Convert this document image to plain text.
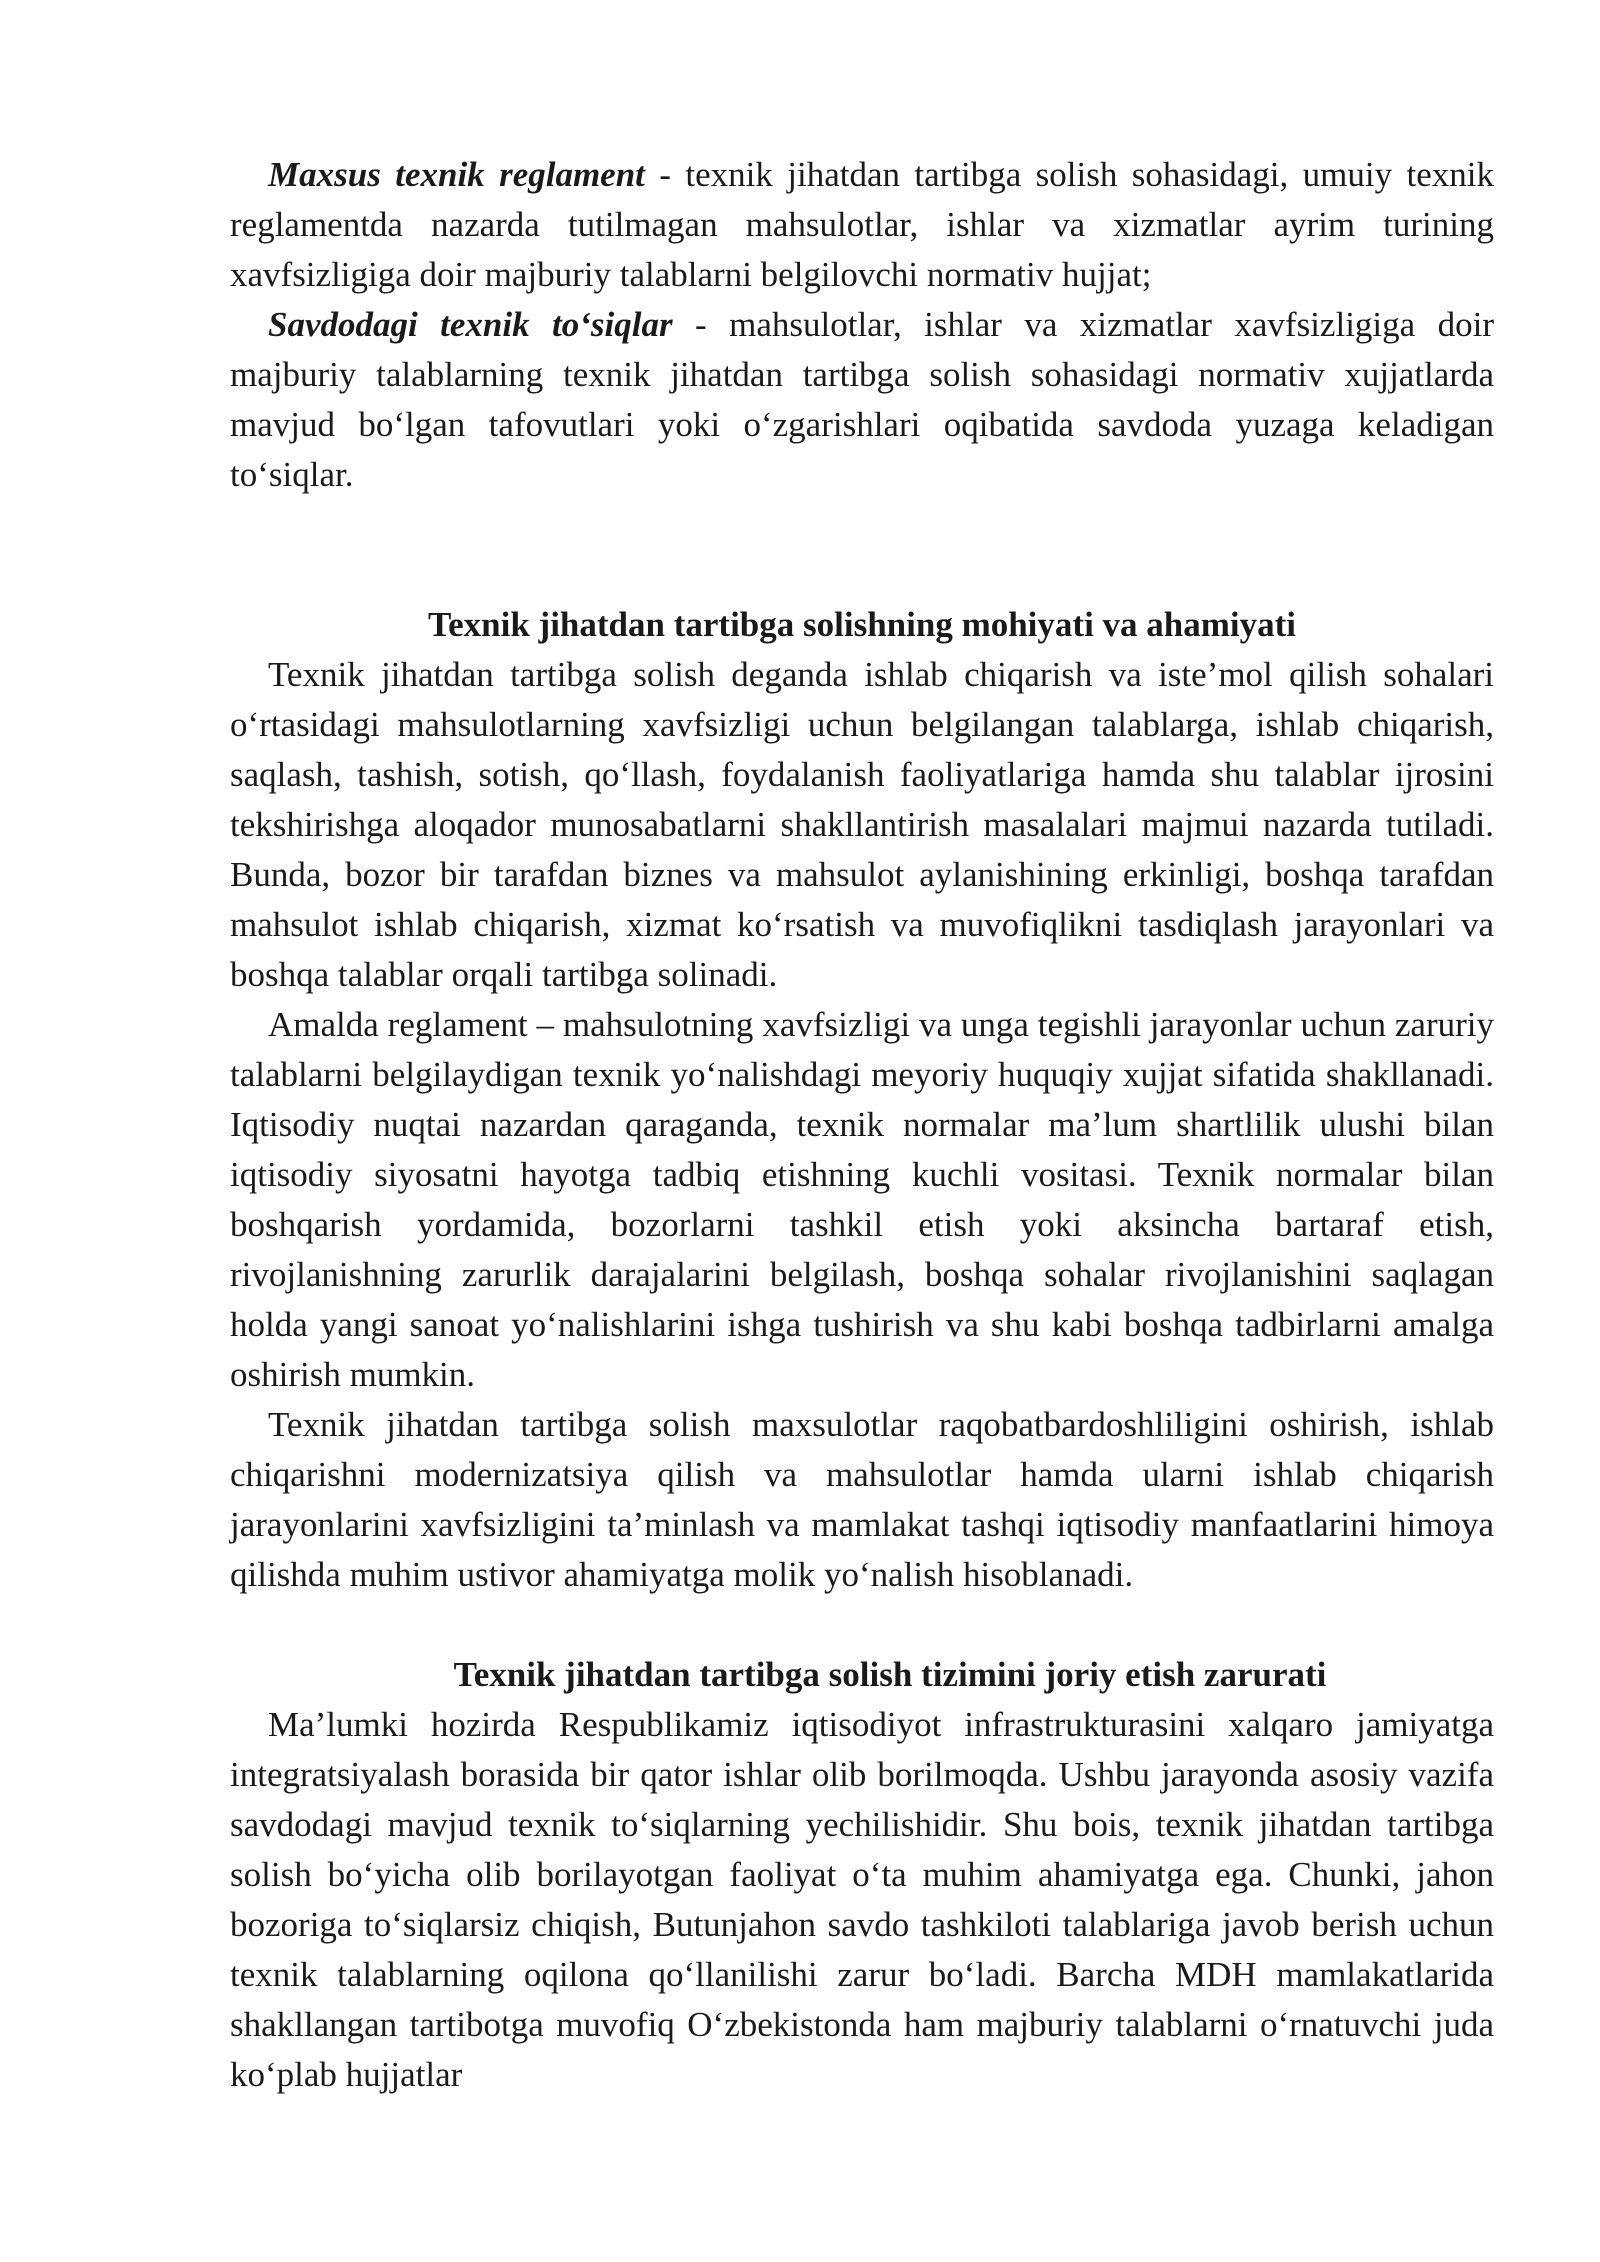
Maxsus texnik reglament - texnik jihatdan tartibga solish sohasidagi, umuiy texnik reglamentda nazarda tutilmagan mahsulotlar, ishlar va xizmatlar ayrim turining xavfsizligiga doir majburiy talablarni belgilovchi normativ hujjat;

Savdodagi texnik to‘siqlar - mahsulotlar, ishlar va xizmatlar xavfsizligiga doir majburiy talablarning texnik jihatdan tartibga solish sohasidagi normativ xujjatlarda mavjud bo‘lgan tafovutlari yoki o‘zgarishlari oqibatida savdoda yuzaga keladigan to‘siqlar.

Texnik jihatdan tartibga solishning mohiyati va ahamiyati

Texnik jihatdan tartibga solish deganda ishlab chiqarish va iste’mol qilish sohalari o‘rtasidagi mahsulotlarning xavfsizligi uchun belgilangan talablarga, ishlab chiqarish, saqlash, tashish, sotish, qo‘llash, foydalanish faoliyatlariga hamda shu talablar ijrosini tekshirishga aloqador munosabatlarni shakllantirish masalalari majmui nazarda tutiladi. Bunda, bozor bir tarafdan biznes va mahsulot aylanishining erkinligi, boshqa tarafdan mahsulot ishlab chiqarish, xizmat ko‘rsatish va muvofiqlikni tasdiqlash jarayonlari va boshqa talablar orqali tartibga solinadi.

Amalda reglament – mahsulotning xavfsizligi va unga tegishli jarayonlar uchun zaruriy talablarni belgilaydigan texnik yo‘nalishdagi meyoriy huquqiy xujjat sifatida shakllanadi. Iqtisodiy nuqtai nazardan qaraganda, texnik normalar ma’lum shartlilik ulushi bilan iqtisodiy siyosatni hayotga tadbiq etishning kuchli vositasi. Texnik normalar bilan boshqarish yordamida, bozorlarni tashkil etish yoki aksincha bartaraf etish, rivojlanishning zarurlik darajalarini belgilash, boshqa sohalar rivojlanishini saqlagan holda yangi sanoat yo‘nalishlarini ishga tushirish va shu kabi boshqa tadbirlarni amalga oshirish mumkin.

Texnik jihatdan tartibga solish maxsulotlar raqobatbardoshliligini oshirish, ishlab chiqarishni modernizatsiya qilish va mahsulotlar hamda ularni ishlab chiqarish jarayonlarini xavfsizligini ta’minlash va mamlakat tashqi iqtisodiy manfaatlarini himoya qilishda muhim ustivor ahamiyatga molik yo‘nalish hisoblanadi.

Texnik jihatdan tartibga solish tizimini joriy etish zarurati

Ma’lumki hozirda Respublikamiz iqtisodiyot infrastrukturasini xalqaro jamiyatga integratsiyalash borasida bir qator ishlar olib borilmoqda. Ushbu jarayonda asosiy vazifa savdodagi mavjud texnik to‘siqlarning yechilishidir. Shu bois, texnik jihatdan tartibga solish bo‘yicha olib borilayotgan faoliyat o‘ta muhim ahamiyatga ega. Chunki, jahon bozoriga to‘siqlarsiz chiqish, Butunjahon savdo tashkiloti talablariga javob berish uchun texnik talablarning oqilona qo‘llanilishi zarur bo‘ladi. Barcha MDH mamlakatlarida shakllangan tartibotga muvofiq O‘zbekistonda ham majburiy talablarni o‘rnatuvchi juda ko‘plab hujjatlar
